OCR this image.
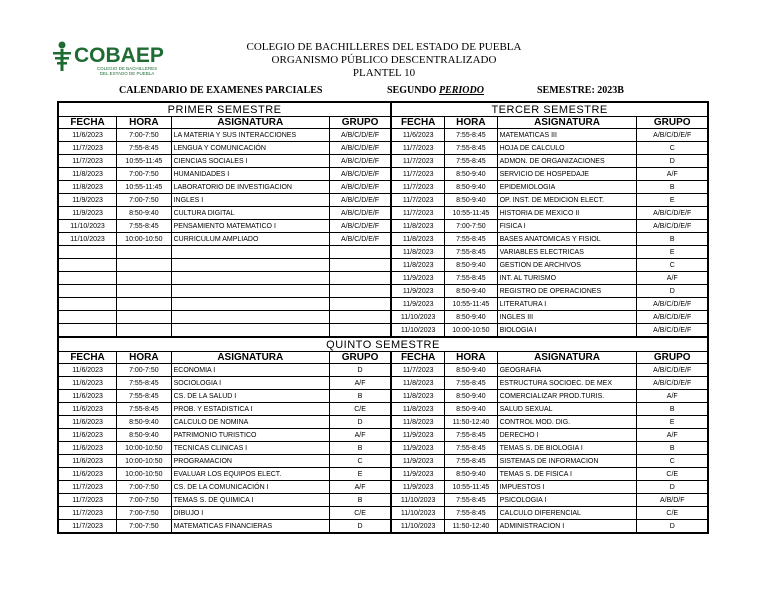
COBAEP
COLEGIO DE BACHILLERES DEL ESTADO DE PUEBLA
COLEGIO DE BACHILLERES DEL ESTADO DE PUEBLA
ORGANISMO PÚBLICO DESCENTRALIZADO
PLANTEL 10
CALENDARIO DE EXAMENES PARCIALES	SEGUNDO PERIODO	SEMESTRE: 2023B
PRIMER SEMESTRE				TERCER SEMESTRE			
FECHA	HORA	ASIGNATURA	GRUPO	FECHA	HORA	ASIGNATURA	GRUPO
11/6/2023	7:00-7:50	LA MATERIA Y SUS INTERACCIONES	A/B/C/D/E/F	11/6/2023	7:55-8:45	MATEMATICAS III	A/B/C/D/E/F
11/7/2023	7:55-8:45	LENGUA Y COMUNICACIÓN	A/B/C/D/E/F	11/7/2023	7:55-8:45	HOJA DE CALCULO	C
11/7/2023	10:55-11:45	CIENCIAS SOCIALES I	A/B/C/D/E/F	11/7/2023	7:55-8:45	ADMON. DE ORGANIZACIONES	D
11/8/2023	7:00-7:50	HUMANIDADES I	A/B/C/D/E/F	11/7/2023	8:50-9:40	SERVICIO DE HOSPEDAJE	A/F
11/8/2023	10:55-11:45	LABORATORIO DE INVESTIGACION	A/B/C/D/E/F	11/7/2023	8:50-9:40	EPIDEMIOLOGIA	B
11/9/2023	7:00-7:50	INGLES I	A/B/C/D/E/F	11/7/2023	8:50-9:40	OP. INST. DE MEDICION ELECT.	E
11/9/2023	8:50-9:40	CULTURA DIGITAL	A/B/C/D/E/F	11/7/2023	10:55-11:45	HISTORIA DE MEXICO II	A/B/C/D/E/F
11/10/2023	7:55-8:45	PENSAMIENTO MATEMATICO I	A/B/C/D/E/F	11/8/2023	7:00-7:50	FISICA I	A/B/C/D/E/F
11/10/2023	10:00-10:50	CURRICULUM AMPLIADO	A/B/C/D/E/F	11/8/2023	7:55-8:45	BASES ANATOMICAS Y FISIOL	B
				11/8/2023	7:55-8:45	VARIABLES ELECTRICAS	E
				11/8/2023	8:50-9:40	GESTION DE ARCHIVOS	C
				11/9/2023	7:55-8:45	INT. AL TURISMO	A/F
				11/9/2023	8:50-9:40	REGISTRO DE OPERACIONES	D
				11/9/2023	10:55-11:45	LITERATURA I	A/B/C/D/E/F
				11/10/2023	8:50-9:40	INGLES III	A/B/C/D/E/F
				11/10/2023	10:00-10:50	BIOLOGIA I	A/B/C/D/E/F
QUINTO SEMESTRE							
FECHA	HORA	ASIGNATURA	GRUPO	FECHA	HORA	ASIGNATURA	GRUPO
11/6/2023	7:00-7:50	ECONOMIA I	D	11/7/2023	8:50-9:40	GEOGRAFIA	A/B/C/D/E/F
11/6/2023	7:55-8:45	SOCIOLOGIA I	A/F	11/8/2023	7:55-8:45	ESTRUCTURA SOCIOEC. DE MEX	A/B/C/D/E/F
11/6/2023	7:55-8:45	CS. DE LA SALUD I	B	11/8/2023	8:50-9:40	COMERCIALIZAR PROD.TURIS.	A/F
11/6/2023	7:55-8:45	PROB. Y ESTADISTICA I	C/E	11/8/2023	8:50-9:40	SALUD SEXUAL	B
11/6/2023	8:50-9:40	CALCULO DE NOMINA	D	11/8/2023	11:50-12:40	CONTROL MOD. DIG.	E
11/6/2023	8:50-9:40	PATRIMONIO TURISTICO	A/F	11/9/2023	7:55-8:45	DERECHO I	A/F
11/6/2023	10:00-10:50	TECNICAS CLINICAS I	B	11/9/2023	7:55-8:45	TEMAS S. DE BIOLOGIA I	B
11/6/2023	10:00-10:50	PROGRAMACION	C	11/9/2023	7:55-8:45	SISTEMAS DE INFORMACION	C
11/6/2023	10:00-10:50	EVALUAR LOS EQUIPOS ELECT.	E	11/9/2023	8:50-9:40	TEMAS S. DE FISICA I	C/E
11/7/2023	7:00-7:50	CS. DE LA COMUNICACIÓN I	A/F	11/9/2023	10:55-11:45	IMPUESTOS I	D
11/7/2023	7:00-7:50	TEMAS S. DE QUIMICA I	B	11/10/2023	7:55-8:45	PSICOLOGIA I	A/B/D/F
11/7/2023	7:00-7:50	DIBUJO I	C/E	11/10/2023	7:55-8:45	CALCULO DIFERENCIAL	C/E
11/7/2023	7:00-7:50	MATEMATICAS FINANCIERAS	D	11/10/2023	11:50-12:40	ADMINISTRACION I	D
